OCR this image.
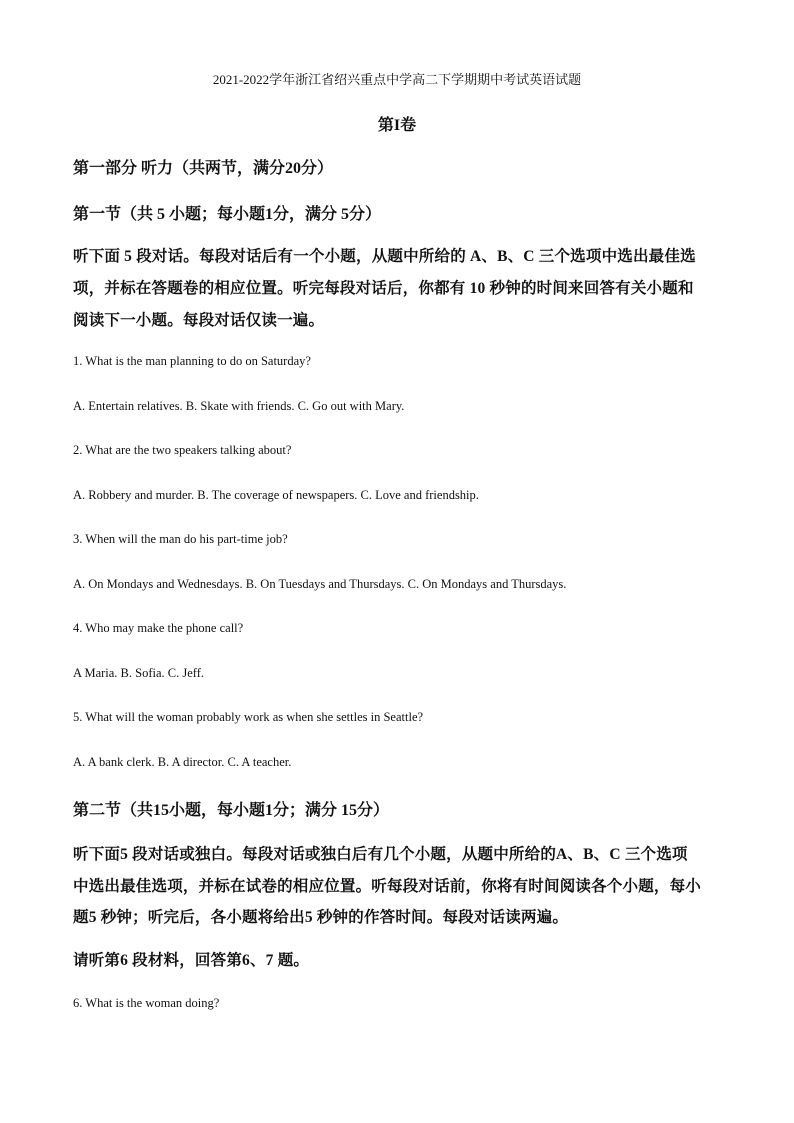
2021-2022学年浙江省绍兴重点中学高二下学期期中考试英语试题
第I卷
第一部分 听力（共两节，满分20分）
第一节（共 5 小题；每小题1分，满分 5分）
听下面 5 段对话。每段对话后有一个小题，从题中所给的 A、B、C 三个选项中选出最佳选
项，并标在答题卷的相应位置。听完每段对话后，你都有 10 秒钟的时间来回答有关小题和
阅读下一小题。每段对话仅读一遍。
1. What is the man planning to do on Saturday?
A. Entertain relatives. B. Skate with friends. C. Go out with Mary.
2. What are the two speakers talking about?
A. Robbery and murder. B. The coverage of newspapers. C. Love and friendship.
3. When will the man do his part-time job?
A. On Mondays and Wednesdays. B. On Tuesdays and Thursdays. C. On Mondays and Thursdays.
4. Who may make the phone call?
A Maria. B. Sofia. C. Jeff.
5. What will the woman probably work as when she settles in Seattle?
A. A bank clerk. B. A director. C. A teacher.
第二节（共15小题，每小题1分；满分 15分）
听下面5 段对话或独白。每段对话或独白后有几个小题，从题中所给的A、B、C 三个选项
中选出最佳选项，并标在试卷的相应位置。听每段对话前，你将有时间阅读各个小题，每小
题5 秒钟；听完后，各小题将给出5 秒钟的作答时间。每段对话读两遍。
请听第6 段材料，回答第6、7 题。
6. What is the woman doing?
